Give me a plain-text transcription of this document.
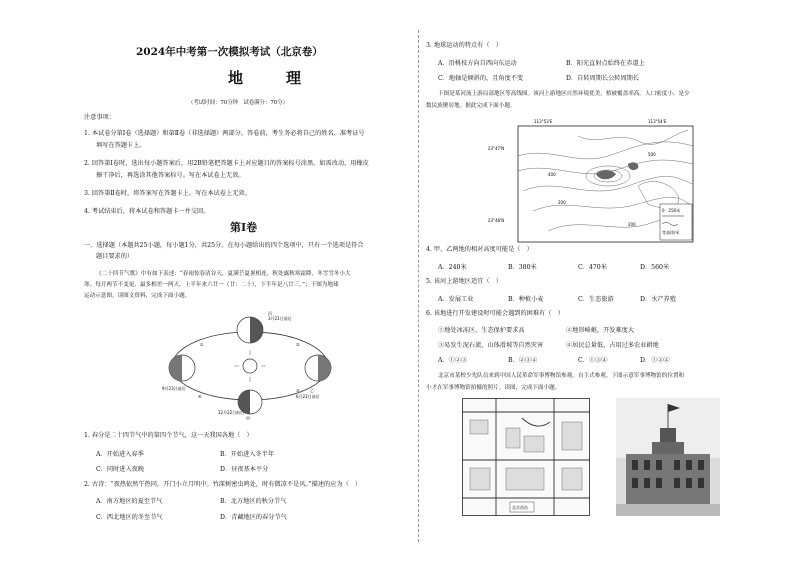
2024年中考第一次模拟考试（北京卷）
地　理
（考试时间：70分钟　试卷满分：70分）
注意事项：
1. 本试卷分第Ⅰ卷（选择题）和第Ⅱ卷（非选择题）两部分。答卷前，考生务必将自己的姓名、准考证号
填写在答题卡上。
2. 回答第Ⅰ卷时，选出每小题答案后，用2B铅笔把答题卡上对应题目的答案标号涂黑。如需改动，用橡皮
擦干净后，再选涂其他答案标号。写在本试卷上无效。
3. 回答第Ⅱ卷时，将答案写在答题卡上。写在本试卷上无效。
4. 考试结束后，将本试卷和答题卡一并交回。
第Ⅰ卷
一、选择题（本题共25小题，每小题1分，共25分。在每小题给出的四个选项中，只有一个选项是符合
题目要求的）
《二十四节气歌》中有如下表述：“春雨惊春清谷天，夏满芒夏暑相连，秋处露秋寒霜降，冬雪雪冬小大
寒。每月两节不变更，最多相差一两天。上半年来六廿一（廿：二十），下半年是八廿三。”；下图为地球
运动示意图。读图文资料，完成下面小题。
3月21日前后
丙
乙
6月22日前后
甲
12月22日前后
9月23日前后
①	②
③
④
1. 春分是二十四节气中的第四个节气，这一天我国各地（　）
A．开始进入春季	B．开始进入冬半年
C．同时进入夜晚	D．昼夜基本平分
2. 古诗：“夜热依然午热同，开门小立月明中。竹深树密虫鸣处，时有微凉不是风。”描述的应为（　）
A．南方地区的夏至节气	B．北方地区的秋分节气
C．西北地区的冬至节气	D．青藏地区的春分节气
3. 地球运动的特点有（　）
A．沿桃枝方向自西向东运动	B．阳光直射点始终在赤道上
C．地轴是倾斜的，且角度不变	D．自转周期长公转周期长
下图是某河流上游局部地区等高线图。该河上游地区自然环境优美，植被覆盖率高。人口密度小，是少
数民族聚居地。据此完成下面小题。
113°53'E	113°54'E
23°47'N
23°46'N
200
200
400
500
0　250米
等高线/米
4. 甲、乙两地的相对高度可能是（　）
A．240米	B．380米	C．470米	D．560米
5. 该河上游地区适宜（　）
A．发展工业	B．种植小麦	C．生态旅游	D．水产养殖
6. 该地进行开发建设时可能会遇到的困难有（　）
①地处冰冻区，生态保护要求高	②地形崎岖，开发难度大
③易发生泥石流、山体滑坡等自然灾害	④居民总量低，占用过多农业耕地
A．①②③	B．②③④	C．①③④	D．①②④
北京市某校少先队员来到中国人民革命军事博物馆参观。自主式参观。下图示意军事博物馆的位置和
小才在军事博物馆拍摄的照片。读图，完成下面小题。
北京西站
